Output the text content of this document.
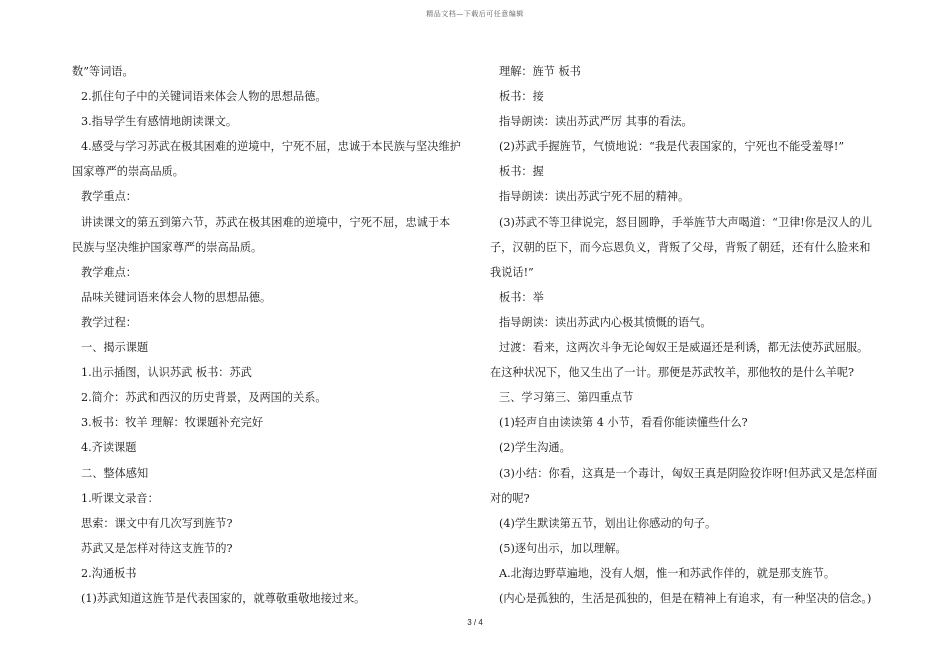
精品文档—下载后可任意编辑
数”等词语。
2.抓住句子中的关键词语来体会人物的思想品德。
3.指导学生有感情地朗读课文。
4.感受与学习苏武在极其困难的逆境中，宁死不屈，忠诚于本民族与坚决维护
国家尊严的崇高品质。
教学重点：
讲读课文的第五到第六节，苏武在极其困难的逆境中，宁死不屈，忠诚于本
民族与坚决维护国家尊严的崇高品质。
教学难点：
品味关键词语来体会人物的思想品德。
教学过程：
一、揭示课题
1.出示插图，认识苏武 板书：苏武
2.简介：苏武和西汉的历史背景，及两国的关系。
3.板书：牧羊 理解：牧课题补充完好
4.齐读课题
二、整体感知
1.听课文录音：
思索：课文中有几次写到旌节?
苏武又是怎样对待这支旌节的?
2.沟通板书
(1)苏武知道这旌节是代表国家的，就尊敬重敬地接过来。
理解：旌节 板书
板书：接
指导朗读：读出苏武严厉 其事的看法。
(2)苏武手握旌节，气愤地说：“我是代表国家的，宁死也不能受羞辱!”
板书：握
指导朗读：读出苏武宁死不屈的精神。
(3)苏武不等卫律说完，怒目圆睁，手举旌节大声喝道：“卫律!你是汉人的儿
子，汉朝的臣下，而今忘恩负义，背叛了父母，背叛了朝廷，还有什么脸来和
我说话!”
板书：举
指导朗读：读出苏武内心极其愤慨的语气。
过渡：看来，这两次斗争无论匈奴王是威逼还是利诱，都无法使苏武屈服。
在这种状况下，他又生出了一计。那便是苏武牧羊，那他牧的是什么羊呢?
三、学习第三、第四重点节
(1)轻声自由读读第 4 小节，看看你能读懂些什么?
(2)学生沟通。
(3)小结：你看，这真是一个毒计，匈奴王真是阴险狡诈呀!但苏武又是怎样面
对的呢?
(4)学生默读第五节，划出让你感动的句子。
(5)逐句出示，加以理解。
A.北海边野草遍地，没有人烟，惟一和苏武作伴的，就是那支旌节。
(内心是孤独的，生活是孤独的，但是在精神上有追求，有一种坚决的信念。)
3 / 4
